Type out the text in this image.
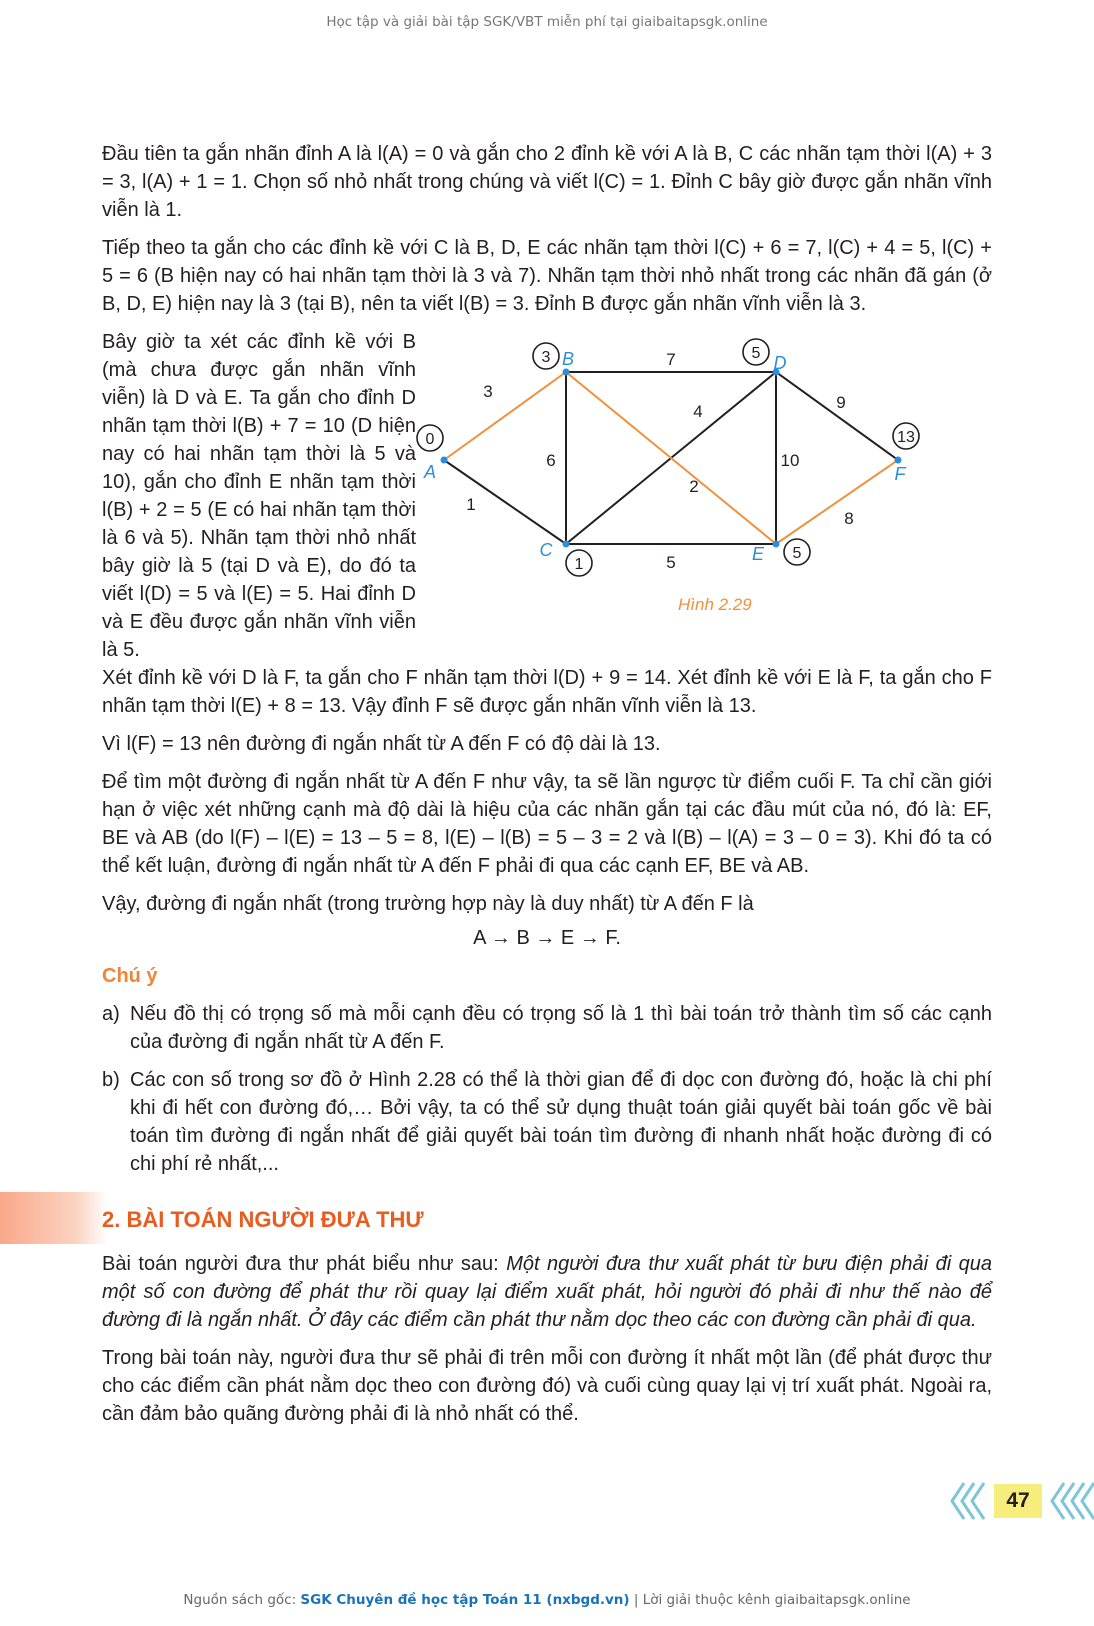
Học tập và giải bài tập SGK/VBT miễn phí tại giaibaitapsgk.online

Đầu tiên ta gắn nhãn đỉnh A là l(A) = 0 và gắn cho 2 đỉnh kề với A là B, C các nhãn tạm thời l(A) + 3 = 3, l(A) + 1 = 1. Chọn số nhỏ nhất trong chúng và viết l(C) = 1. Đỉnh C bây giờ được gắn nhãn vĩnh viễn là 1.

Tiếp theo ta gắn cho các đỉnh kề với C là B, D, E các nhãn tạm thời l(C) + 6 = 7, l(C) + 4 = 5, l(C) + 5 = 6 (B hiện nay có hai nhãn tạm thời là 3 và 7). Nhãn tạm thời nhỏ nhất trong các nhãn đã gán (ở B, D, E) hiện nay là 3 (tại B), nên ta viết l(B) = 3. Đỉnh B được gắn nhãn vĩnh viễn là 3.

Bây giờ ta xét các đỉnh kề với B (mà chưa được gắn nhãn vĩnh viễn) là D và E. Ta gắn cho đỉnh D nhãn tạm thời l(B) + 7 = 10 (D hiện nay có hai nhãn tạm thời là 5 và 10), gắn cho đỉnh E nhãn tạm thời l(B) + 2 = 5 (E có hai nhãn tạm thời là 6 và 5). Nhãn tạm thời nhỏ nhất bây giờ là 5 (tại D và E), do đó ta viết l(D) = 5 và l(E) = 5. Hai đỉnh D và E đều được gắn nhãn vĩnh viễn là 5.

3
1
6
7
4
2
5
10
9
8
0
A
3 B
1
C
5 D
5
E
13
F
Hình 2.29

Xét đỉnh kề với D là F, ta gắn cho F nhãn tạm thời l(D) + 9 = 14. Xét đỉnh kề với E là F, ta gắn cho F nhãn tạm thời l(E) + 8 = 13. Vậy đỉnh F sẽ được gắn nhãn vĩnh viễn là 13.

Vì l(F) = 13 nên đường đi ngắn nhất từ A đến F có độ dài là 13.

Để tìm một đường đi ngắn nhất từ A đến F như vậy, ta sẽ lần ngược từ điểm cuối F. Ta chỉ cần giới hạn ở việc xét những cạnh mà độ dài là hiệu của các nhãn gắn tại các đầu mút của nó, đó là: EF, BE và AB (do l(F) – l(E) = 13 – 5 = 8, l(E) – l(B) = 5 – 3 = 2 và l(B) – l(A) = 3 – 0 = 3). Khi đó ta có thể kết luận, đường đi ngắn nhất từ A đến F phải đi qua các cạnh EF, BE và AB.

Vậy, đường đi ngắn nhất (trong trường hợp này là duy nhất) từ A đến F là

A → B → E → F.

Chú ý
a) Nếu đồ thị có trọng số mà mỗi cạnh đều có trọng số là 1 thì bài toán trở thành tìm số các cạnh của đường đi ngắn nhất từ A đến F.
b) Các con số trong sơ đồ ở Hình 2.28 có thể là thời gian để đi dọc con đường đó, hoặc là chi phí khi đi hết con đường đó,… Bởi vậy, ta có thể sử dụng thuật toán giải quyết bài toán gốc về bài toán tìm đường đi ngắn nhất để giải quyết bài toán tìm đường đi nhanh nhất hoặc đường đi có chi phí rẻ nhất,...
2. BÀI TOÁN NGƯỜI ĐƯA THƯ

Bài toán người đưa thư phát biểu như sau: Một người đưa thư xuất phát từ bưu điện phải đi qua một số con đường để phát thư rồi quay lại điểm xuất phát, hỏi người đó phải đi như thế nào để đường đi là ngắn nhất. Ở đây các điểm cần phát thư nằm dọc theo các con đường cần phải đi qua.

Trong bài toán này, người đưa thư sẽ phải đi trên mỗi con đường ít nhất một lần (để phát được thư cho các điểm cần phát nằm dọc theo con đường đó) và cuối cùng quay lại vị trí xuất phát. Ngoài ra, cần đảm bảo quãng đường phải đi là nhỏ nhất có thể.

47
Nguồn sách gốc: SGK Chuyên đề học tập Toán 11 (nxbgd.vn) | Lời giải thuộc kênh giaibaitapsgk.online
